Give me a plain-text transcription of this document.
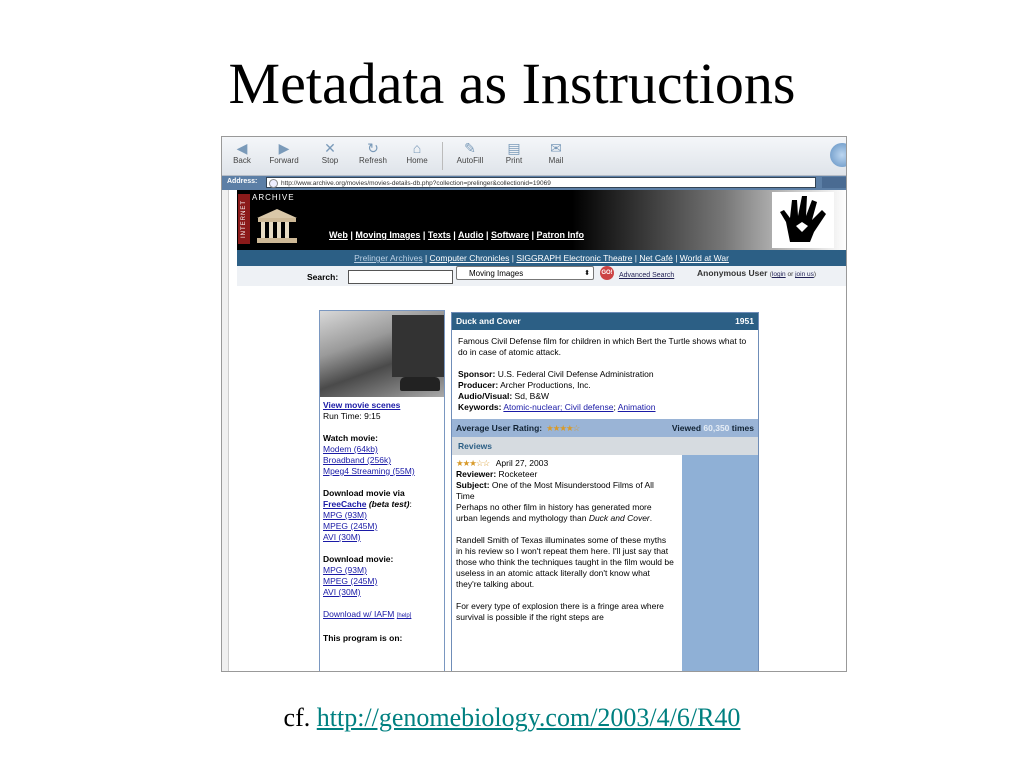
Metadata as Instructions
◀
Back
▶
Forward
✕
Stop
↻
Refresh
⌂
Home
✎
AutoFill
▤
Print
✉
Mail
Address:	http://www.archive.org/movies/movies-details-db.php?collection=prelinger&collectionid=19069
INTERNET
ARCHIVE
Web | Moving Images | Texts | Audio | Software | Patron Info
Prelinger Archives | Computer Chronicles | SIGGRAPH Electronic Theatre | Net Café | World at War
Search:	Moving Images	⬍ GO! Advanced Search	Anonymous User (login or join us)
View movie scenes
Run Time: 9:15
Watch movie:
Modem (64kb)
Broadband (256k)
Mpeg4 Streaming (55M)
Download movie via
FreeCache (beta test):
MPG (93M)
MPEG (245M)
AVI (30M)
Download movie:
MPG (93M)
MPEG (245M)
AVI (30M)
Download w/ IAFM [help]
This program is on:
Duck and Cover	1951
Famous Civil Defense film for children in which Bert the Turtle shows what to do in case of atomic attack.
Sponsor: U.S. Federal Civil Defense Administration
Producer: Archer Productions, Inc.
Audio/Visual: Sd, B&W
Keywords: Atomic-nuclear; Civil defense; Animation
Average User Rating: ★★★★☆	Viewed 60,350 times
Reviews
★★★☆☆ April 27, 2003
Reviewer: Rocketeer
Subject: One of the Most Misunderstood Films of All Time
Perhaps no other film in history has generated more urban legends and mythology than Duck and Cover.
Randell Smith of Texas illuminates some of these myths in his review so I won't repeat them here. I'll just say that those who think the techniques taught in the film would be useless in an atomic attack literally don't know what they're talking about.
For every type of explosion there is a fringe area where survival is possible if the right steps are
cf. http://genomebiology.com/2003/4/6/R40
